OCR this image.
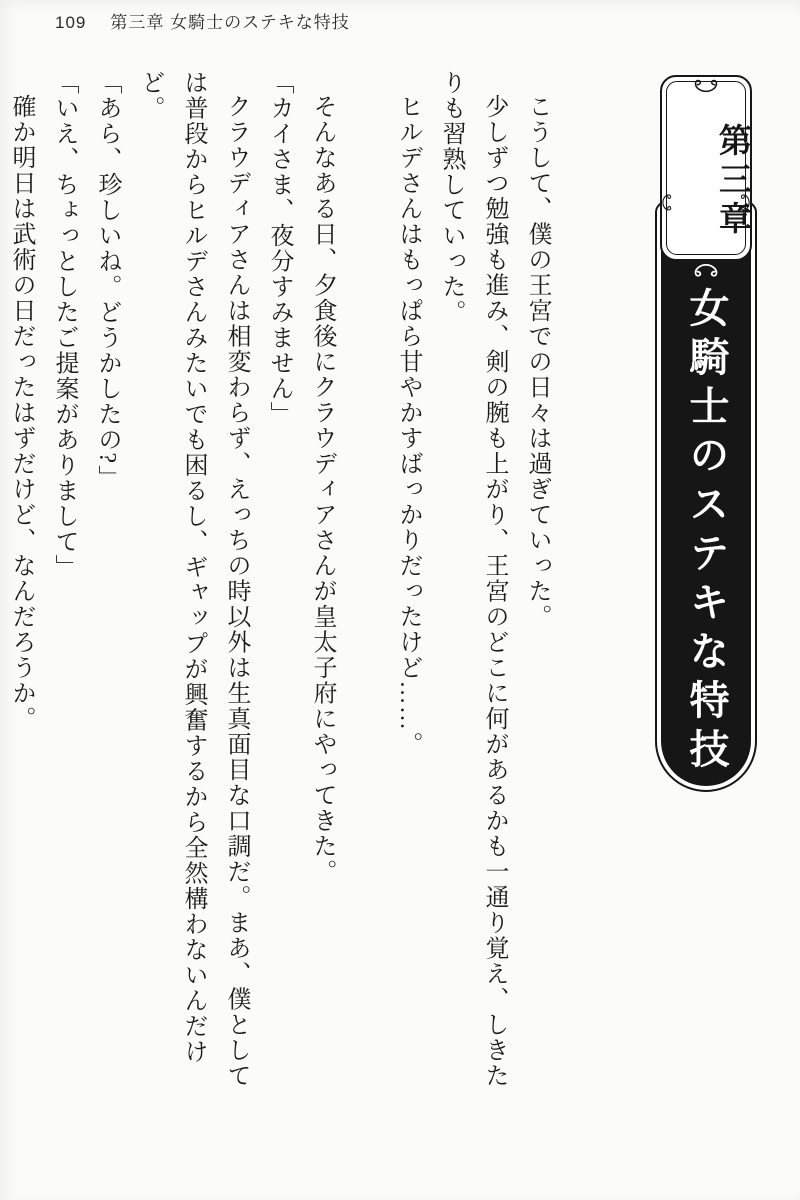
109 第三章 女騎士のステキな特技
女騎士のステキな特技
第三章

こうして、僕の王宮での日々は過ぎていった。

少しずつ勉強も進み、剣の腕も上がり、王宮のどこに何があるかも一通り覚え、しきたりも習熟していった。

ヒルデさんはもっぱら甘やかすばっかりだったけど……。

そんなある日、夕食後にクラウディアさんが皇太子府にやってきた。

「カイさま、夜分すみません」

クラウディアさんは相変わらず、えっちの時以外は生真面目な口調だ。まあ、僕としては普段からヒルデさんみたいでも困るし、ギャップが興奮するから全然構わないんだけど。

「あら、珍しいね。どうかしたの?」

「いえ、ちょっとしたご提案がありまして」

確か明日は武術の日だったはずだけど、なんだろうか。
